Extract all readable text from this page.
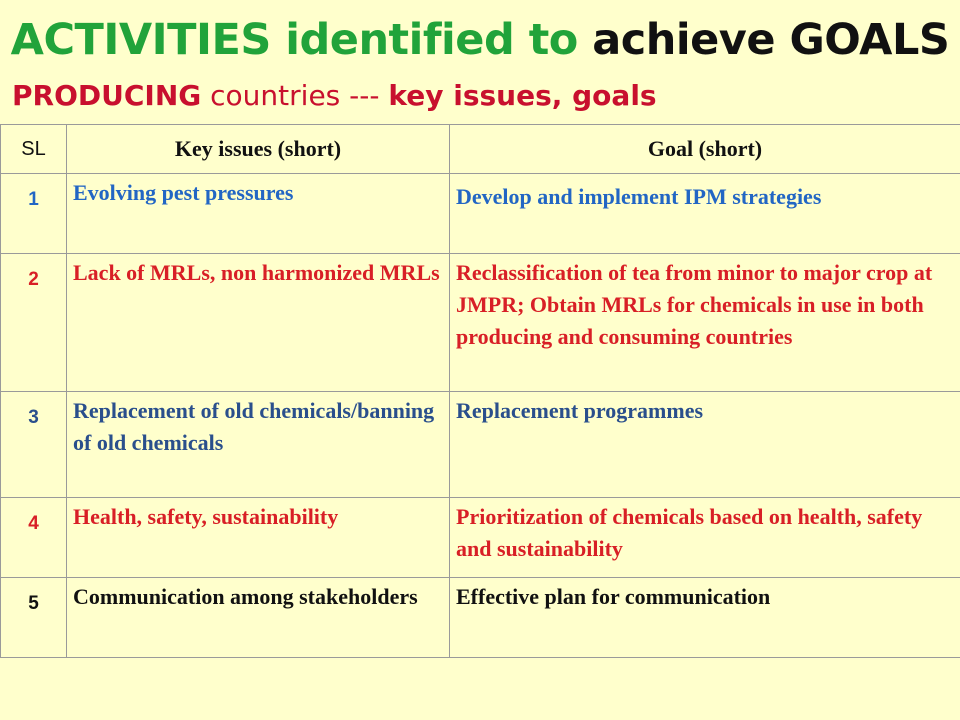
ACTIVITIES identified to achieve GOALS
PRODUCING countries --- key issues, goals
SL	Key issues (short)	Goal (short)
1	Evolving pest pressures	Develop and implement IPM strategies
2	Lack of MRLs, non harmonized MRLs	Reclassification of tea from minor to major crop at JMPR; Obtain MRLs for chemicals in use in both producing and consuming countries
3	Replacement of old chemicals/banning of old chemicals	Replacement programmes
4	Health, safety, sustainability	Prioritization of chemicals based on health, safety and sustainability
5	Communication among stakeholders	Effective plan for communication
